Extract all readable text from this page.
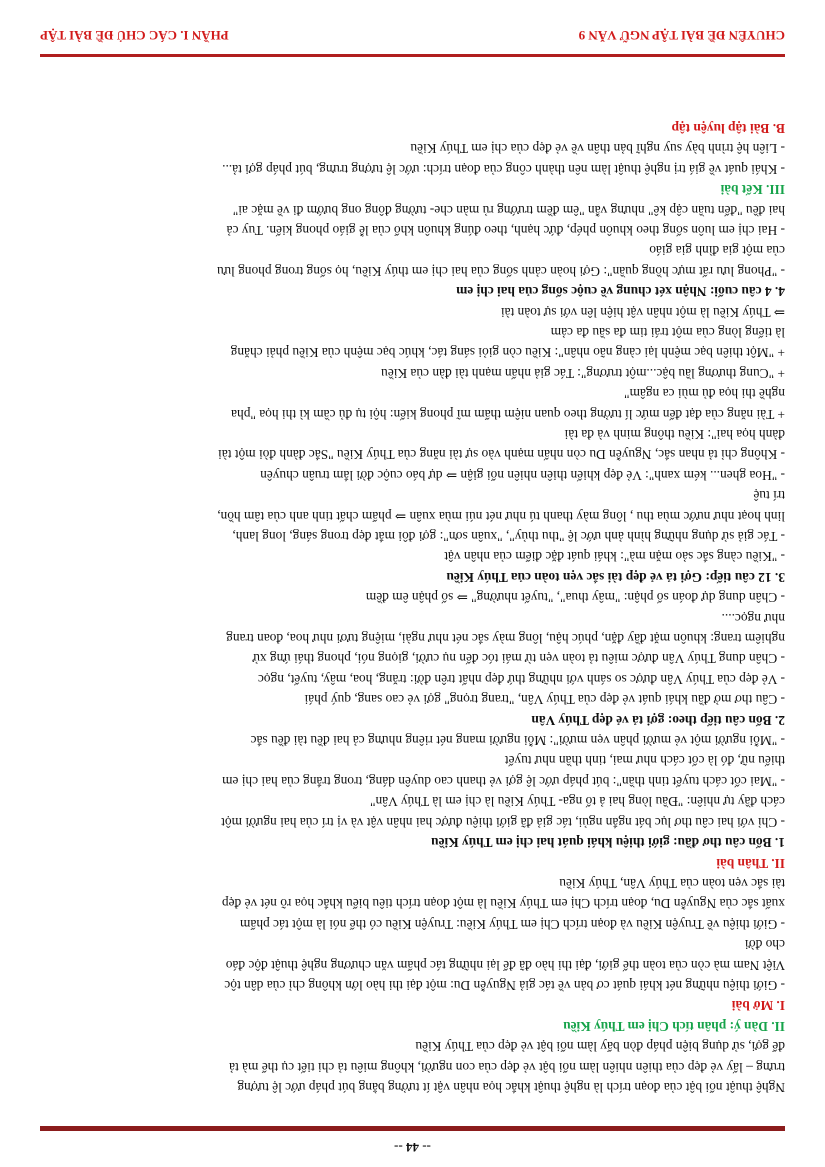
CHUYÊN ĐỀ BÀI TẬP NGỮ VĂN 9
PHẦN I. CÁC CHỦ ĐỀ BÀI TẬP

Nghệ thuật nổi bật của đoạn trích là nghệ thuật khắc họa nhân vật ít tưởng bằng bút pháp ước lệ tượng

trưng – lấy vẻ đẹp của thiên nhiên làm nổi bật vẻ đẹp của con người, không miêu tả chi tiết cụ thể mà tả

để gợi, sử dụng biện pháp đòn bẩy làm nổi bật vẻ đẹp của Thúy Kiều

II. Dàn ý: phân tích Chị em Thúy Kiều

I. Mở bài

- Giới thiệu những nét khái quát cơ bản về tác giả Nguyễn Du: một đại thi hào lớn không chỉ của dân tộc

Việt Nam mà còn của toàn thế giới, đại thi hào đã để lại những tác phẩm văn chương nghệ thuật độc đáo

cho đời

- Giới thiệu về Truyện Kiều và đoạn trích Chị em Thúy Kiều: Truyện Kiều có thể nói là một tác phẩm

xuất sắc của Nguyễn Du, đoạn trích Chị em Thúy Kiều là một đoạn trích tiêu biểu khắc họa rõ nét vẻ đẹp

tài sắc vẹn toàn của Thúy Vân, Thúy Kiều

II. Thân bài

1. Bốn câu thơ đầu: giới thiệu khái quát hai chị em Thúy Kiều

- Chỉ với hai câu thơ lục bát ngắn ngủi, tác giả đã giới thiệu được hai nhân vật và vị trí của hai người một

cách đầy tự nhiên: "Đầu lòng hai ả tố nga- Thúy Kiều là chị em là Thúy Vân"

- "Mai cốt cách tuyết tinh thần": bút pháp ước lệ gợi vẻ thanh cao duyên dáng, trong trắng của hai chị em

thiếu nữ, đó là cốt cách như mai, tinh thần như tuyết

- "Mỗi người một vẻ mười phân vẹn mười": Mỗi người mang nét riêng nhưng cả hai đều tài đều sắc

2. Bốn câu tiếp theo: gợi tả vẻ đẹp Thúy Vân

- Câu thơ mở đầu khái quát vẻ đẹp của Thúy Vân, "trang trọng" gợi vẻ cao sang, quý phái

- Vẻ đẹp của Thúy Vân được so sánh với những thứ đẹp nhất trên đời: trăng, hoa, mây, tuyết, ngọc

- Chân dung Thúy Vân được miêu tả toàn vẹn từ mái tóc đến nụ cười, giọng nói, phong thái ứng xử

nghiêm trang: khuôn mặt đầy đặn, phúc hậu, lông mày sắc nét như ngài, miệng tươi như hoa, đoan trang

như ngọc....

- Chân dung dự đoán số phận: "mây thua", "tuyết nhường" ⇒ số phận êm đềm

3. 12 câu tiếp: Gợi tả vẻ đẹp tài sắc vẹn toàn của Thúy Kiều

- "Kiều càng sắc sảo mặn mà": khái quát đặc điểm của nhân vật

- Tác giả sử dụng những hình ảnh ước lệ "thu thủy", "xuân sơn": gợi đôi mắt đẹp trong sáng, long lanh,

linh hoạt như nước mùa thu , lông mày thanh tú như nét núi mùa xuân ⇒ phẩm chất tinh anh của tâm hồn,

trí tuệ

- "Hoa ghen... kém xanh": Vẻ đẹp khiến thiên nhiên nổi giận ⇒ dự báo cuộc đời lắm truân chuyên

- Không chỉ tả nhan sắc, Nguyễn Du còn nhấn mạnh vào sự tài năng của Thúy Kiều "Sắc đành đòi một tài

đành họa hai": Kiều thông minh và đa tài

+ Tài năng của đạt đến mức lí tưởng theo quan niệm thẩm mĩ phong kiến: hội tụ đủ cầm kì thi họa "pha

nghề thi họa đủ mùi ca ngâm"

+ "Cung thương lầu bậc...một trương": Tác giả nhấn mạnh tài đàn của Kiều

+ "Một thiên bạc mệnh lại càng não nhân": Kiều còn giỏi sáng tác, khúc bạc mệnh của Kiều phải chăng

là tiếng lòng của một trái tim đa sầu đa cảm

⇒ Thúy Kiều là một nhân vật hiện lên với sự toàn tài

4. 4 câu cuối: Nhận xét chung về cuộc sống của hai chị em

- "Phong lưu rất mực hồng quần": Gợi hoàn cảnh sống của hai chị em thúy Kiều, họ sống trong phong lưu

của một gia đình gia giáo

- Hai chị em luôn sống theo khuôn phép, đức hạnh, theo đúng khuôn khổ của lễ giáo phong kiến. Tuy cả

hai đều "đến tuần cập kê" nhưng vẫn "êm đềm trướng rủ màn che- tường đông ong bướm đi về mặc ai"

III. Kết bài

- Khái quát về giá trị nghệ thuật làm nên thành công của đoạn trích: ước lệ tượng trưng, bút pháp gợi tả...

- Liên hệ trình bày suy nghĩ bản thân về vẻ đẹp của chị em Thúy Kiều

B. Bài tập luyện tập

-- 44 --
